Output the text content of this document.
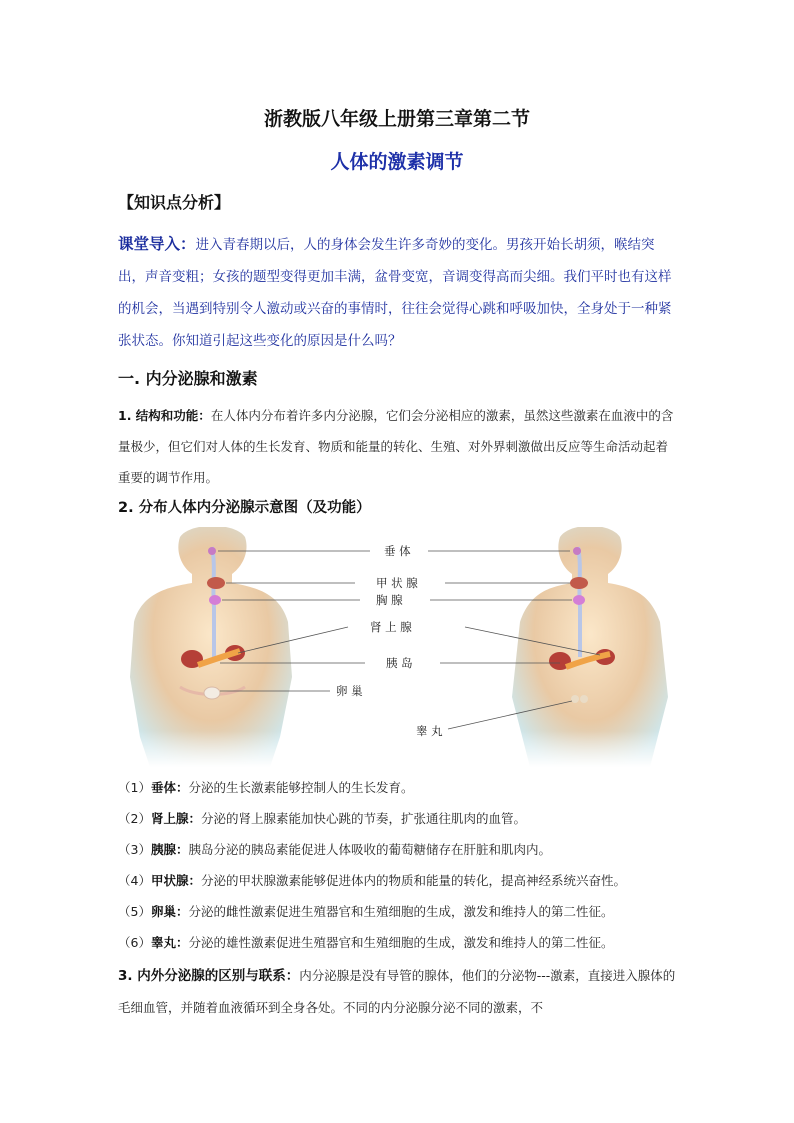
浙教版八年级上册第三章第二节
人体的激素调节
【知识点分析】
课堂导入：进入青春期以后，人的身体会发生许多奇妙的变化。男孩开始长胡须，喉结突出，声音变粗；女孩的题型变得更加丰满，盆骨变宽，音调变得高而尖细。我们平时也有这样的机会，当遇到特别令人激动或兴奋的事情时，往往会觉得心跳和呼吸加快，全身处于一种紧张状态。你知道引起这些变化的原因是什么吗？
一. 内分泌腺和激素
1. 结构和功能：在人体内分布着许多内分泌腺，它们会分泌相应的激素，虽然这些激素在血液中的含量极少，但它们对人体的生长发育、物质和能量的转化、生殖、对外界刺激做出反应等生命活动起着重要的调节作用。
2. 分布人体内分泌腺示意图（及功能）
垂 体
甲 状 腺
胸 腺
肾 上 腺
胰 岛
卵 巢
睾 丸
（1）垂体：分泌的生长激素能够控制人的生长发育。
（2）肾上腺：分泌的肾上腺素能加快心跳的节奏，扩张通往肌肉的血管。
（3）胰腺：胰岛分泌的胰岛素能促进人体吸收的葡萄糖储存在肝脏和肌肉内。
（4）甲状腺：分泌的甲状腺激素能够促进体内的物质和能量的转化，提高神经系统兴奋性。
（5）卵巢：分泌的雌性激素促进生殖器官和生殖细胞的生成，激发和维持人的第二性征。
（6）睾丸：分泌的雄性激素促进生殖器官和生殖细胞的生成，激发和维持人的第二性征。
3. 内外分泌腺的区别与联系：内分泌腺是没有导管的腺体，他们的分泌物---激素，直接进入腺体的毛细血管，并随着血液循环到全身各处。不同的内分泌腺分泌不同的激素，不
